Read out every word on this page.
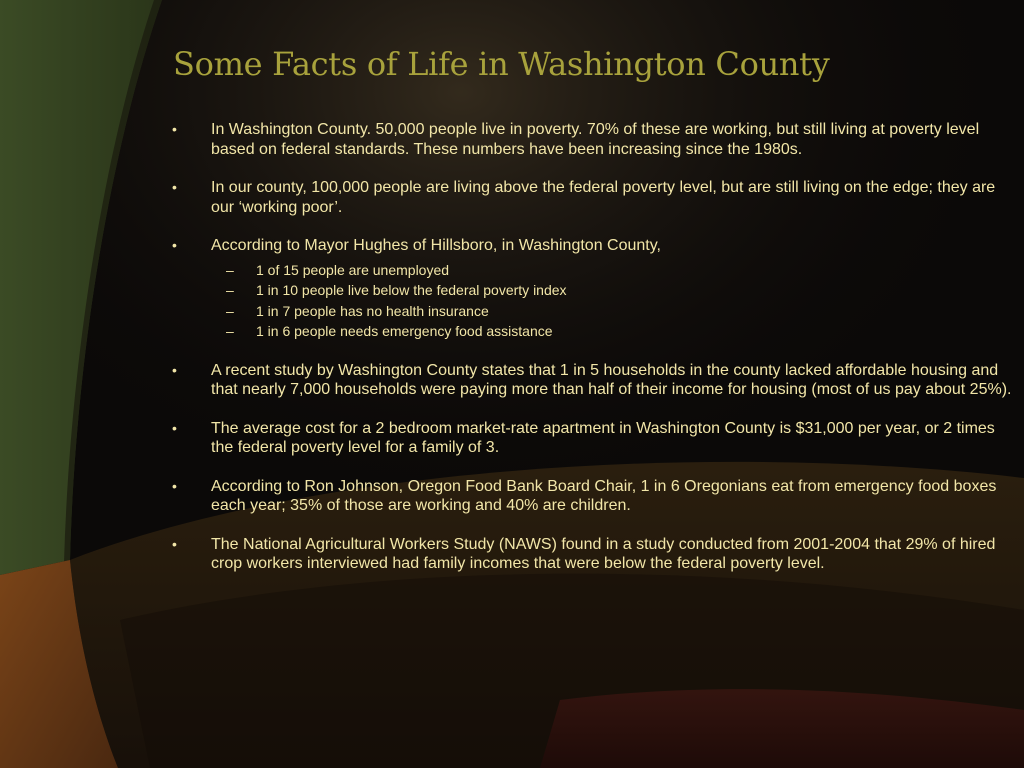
Some Facts of Life in Washington County
• In Washington County. 50,000 people live in poverty. 70% of these are working, but still living at poverty level based on federal standards. These numbers have been increasing since the 1980s.
• In our county, 100,000 people are living above the federal poverty level, but are still living on the edge; they are our ‘working poor’.
• According to Mayor Hughes of Hillsboro, in Washington County,
– 1 of 15 people are unemployed
– 1 in 10 people live below the federal poverty index
– 1 in 7 people has no health insurance
– 1 in 6 people needs emergency food assistance
• A recent study by Washington County states that 1 in 5 households in the county lacked affordable housing and that nearly 7,000 households were paying more than half of their income for housing (most of us pay about 25%).
• The average cost for a 2 bedroom market-rate apartment in Washington County is $31,000 per year, or 2 times the federal poverty level for a family of 3.
• According to Ron Johnson, Oregon Food Bank Board Chair, 1 in 6 Oregonians eat from emergency food boxes each year; 35% of those are working and 40% are children.
• The National Agricultural Workers Study (NAWS) found in a study conducted from 2001-2004 that 29% of hired crop workers interviewed had family incomes that were below the federal poverty level.
